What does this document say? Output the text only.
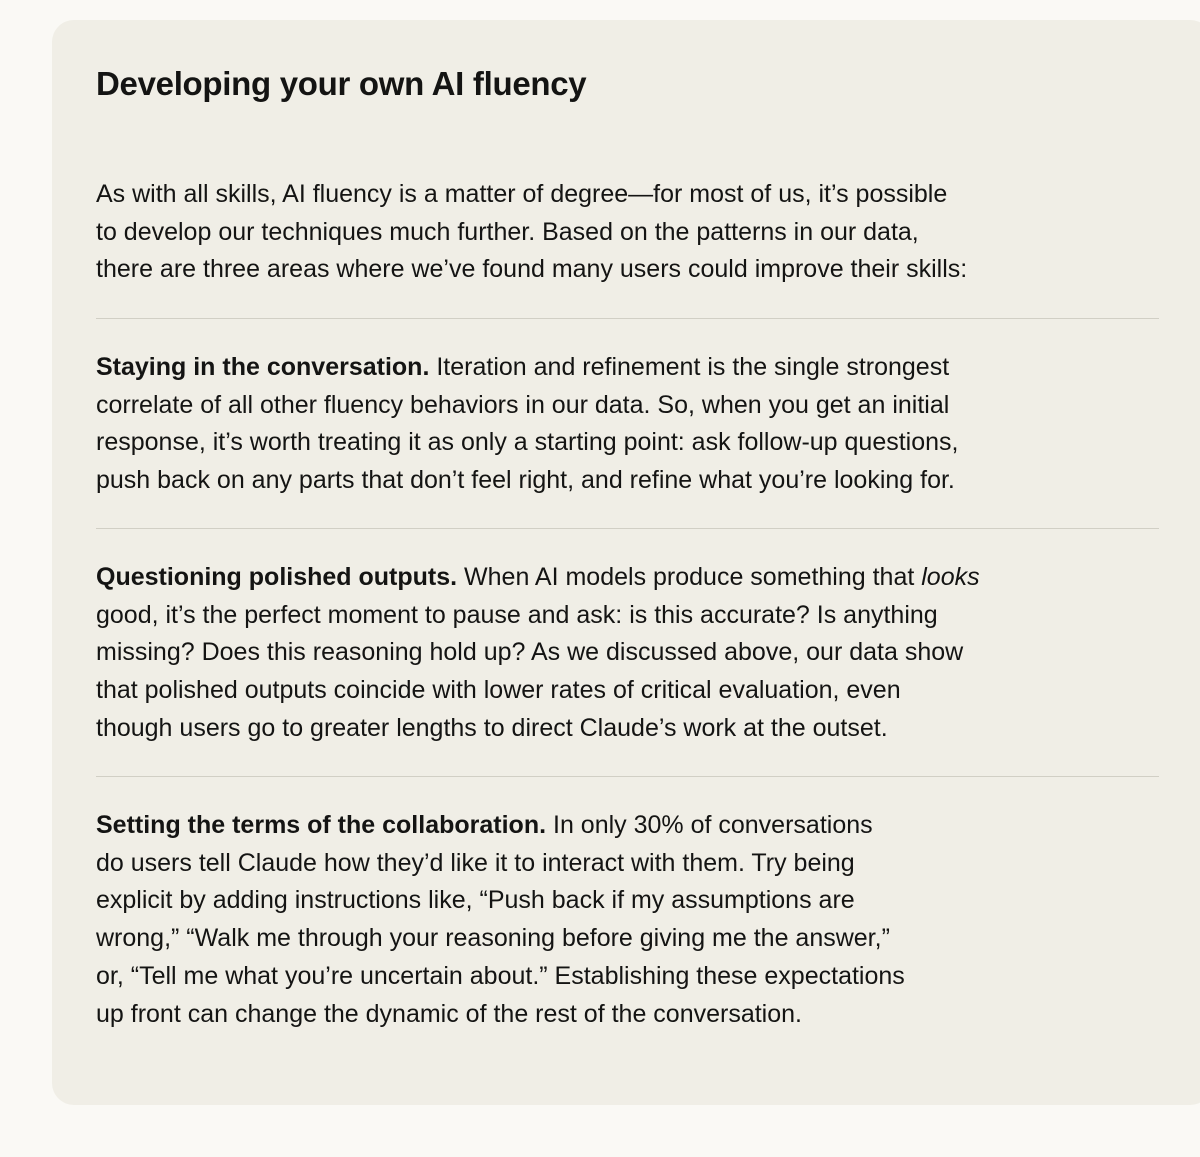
Developing your own AI fluency

As with all skills, AI fluency is a matter of degree—for most of us, it’s possible
to develop our techniques much further. Based on the patterns in our data,
there are three areas where we’ve found many users could improve their skills:

Staying in the conversation. Iteration and refinement is the single strongest
correlate of all other fluency behaviors in our data. So, when you get an initial
response, it’s worth treating it as only a starting point: ask follow-up questions,
push back on any parts that don’t feel right, and refine what you’re looking for.

Questioning polished outputs. When AI models produce something that looks
good, it’s the perfect moment to pause and ask: is this accurate? Is anything
missing? Does this reasoning hold up? As we discussed above, our data show
that polished outputs coincide with lower rates of critical evaluation, even
though users go to greater lengths to direct Claude’s work at the outset.

Setting the terms of the collaboration. In only 30% of conversations
do users tell Claude how they’d like it to interact with them. Try being
explicit by adding instructions like, “Push back if my assumptions are
wrong,” “Walk me through your reasoning before giving me the answer,”
or, “Tell me what you’re uncertain about.” Establishing these expectations
up front can change the dynamic of the rest of the conversation.
